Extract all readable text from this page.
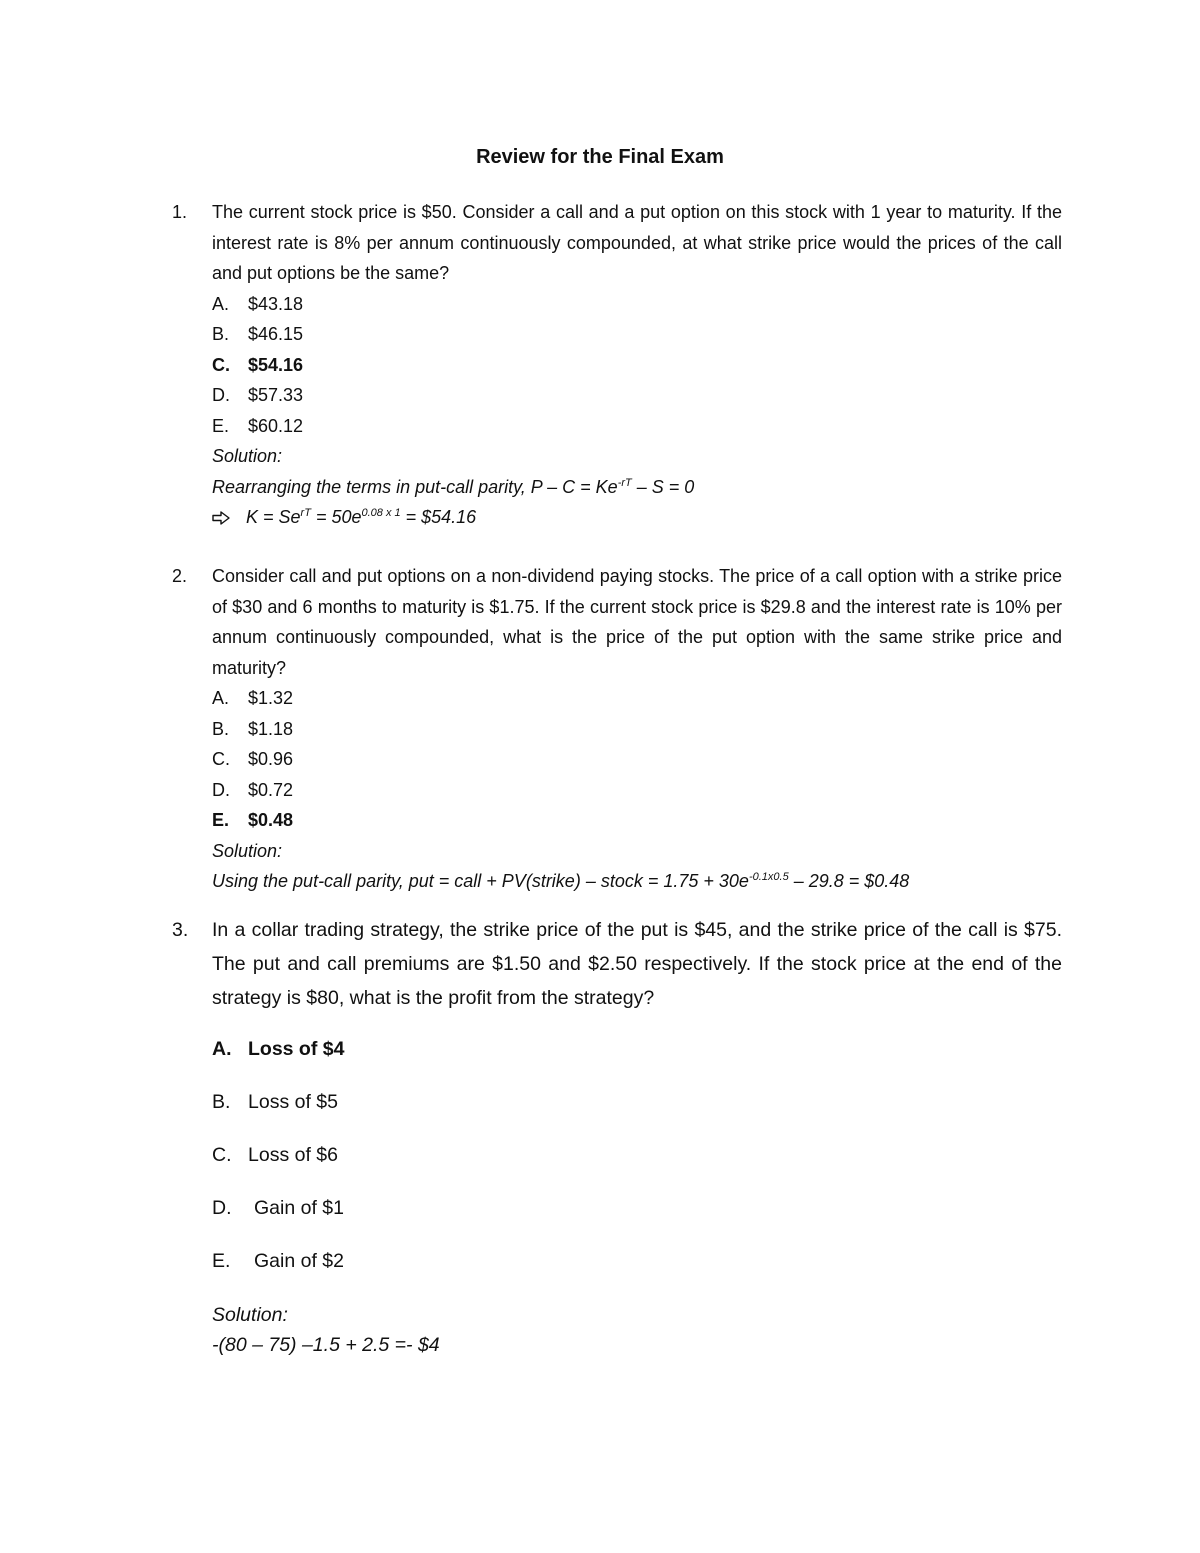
Review for the Final Exam
1. The current stock price is $50. Consider a call and a put option on this stock with 1 year to maturity. If the interest rate is 8% per annum continuously compounded, at what strike price would the prices of the call and put options be the same?
A.	$43.18
B.	$46.15
C.	$54.16
D.	$57.33
E.	$60.12
Solution:
Rearranging the terms in put-call parity, $P - C = Ke^{-rT} - S = 0$
$K = Se^{rT} = 50e^{0.08 x 1}$ = $54.16
2. Consider call and put options on a non-dividend paying stocks. The price of a call option with a strike price of $30 and 6 months to maturity is $1.75. If the current stock price is $29.8 and the interest rate is 10% per annum continuously compounded, what is the price of the put option with the same strike price and maturity?
A.	$1.32
B.	$1.18
C.	$0.96
D.	$0.72
E.	$0.48
Solution:
Using the put-call parity, put = call + PV(strike) – stock = $1.75 + 30e^{-0.1x0.5} - 29.8$ = $0.48
3. In a collar trading strategy, the strike price of the put is $45, and the strike price of the call is $75. The put and call premiums are $1.50 and $2.50 respectively. If the stock price at the end of the strategy is $80, what is the profit from the strategy?
A. Loss of $4
B. Loss of $5
C. Loss of $6
D.	Gain of $1
E.	Gain of $2
Solution:
-(80 – 75) –1.5 + 2.5 =- $4
